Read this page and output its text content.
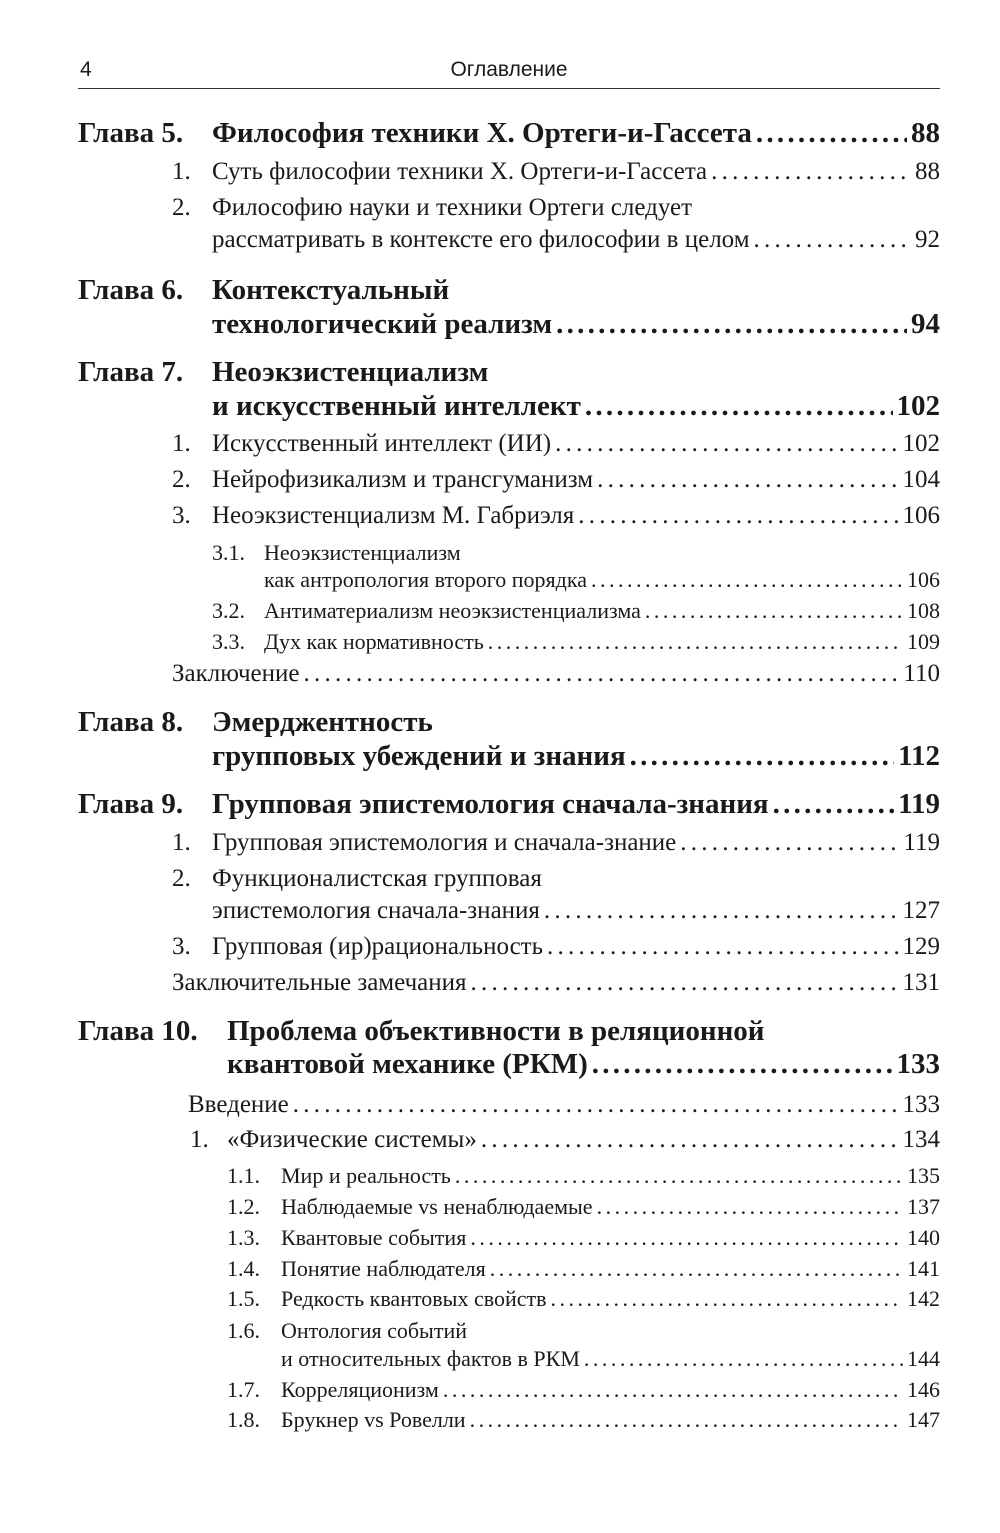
4	Оглавление
Глава 5. Философия техники Х. Ортеги-и-Гассета . . .	88
1. Суть философии техники Х. Ортеги-и-Гассета . . .	88
2. Философию науки и техники Ортеги следует
рассматривать в контексте его философии в целом . . .	92
Глава 6. Контекстуальный
технологический реализм . . .	94
Глава 7. Неоэкзистенциализм
и искусственный интеллект . . .	102
1. Искусственный интеллект (ИИ) . . .	102
2. Нейрофизикализм и трансгуманизм . . .	104
3. Неоэкзистенциализм М. Габриэля . . .	106
3.1. Неоэкзистенциализм
как антропология второго порядка . . .	106
3.2. Антиматериализм неоэкзистенциализма . . .	108
3.3. Дух как нормативность . . .	109
Заключение . . .	110
Глава 8. Эмерджентность
групповых убеждений и знания . . .	112
Глава 9. Групповая эпистемология сначала-знания . . .	119
1. Групповая эпистемология и сначала-знание . . .	119
2. Функционалистская групповая
эпистемология сначала-знания . . .	127
3. Групповая (ир)рациональность . . .	129
Заключительные замечания . . .	131
Глава 10. Проблема объективности в реляционной
квантовой механике (РКМ) . . .	133
Введение . . .	133
1. «Физические системы» . . .	134
1.1. Мир и реальность . . .	135
1.2. Наблюдаемые vs ненаблюдаемые . . .	137
1.3. Квантовые события . . .	140
1.4. Понятие наблюдателя . . .	141
1.5. Редкость квантовых свойств . . .	142
1.6. Онтология событий
и относительных фактов в РКМ . . .	144
1.7. Корреляционизм . . .	146
1.8. Брукнер vs Ровелли . . .	147
